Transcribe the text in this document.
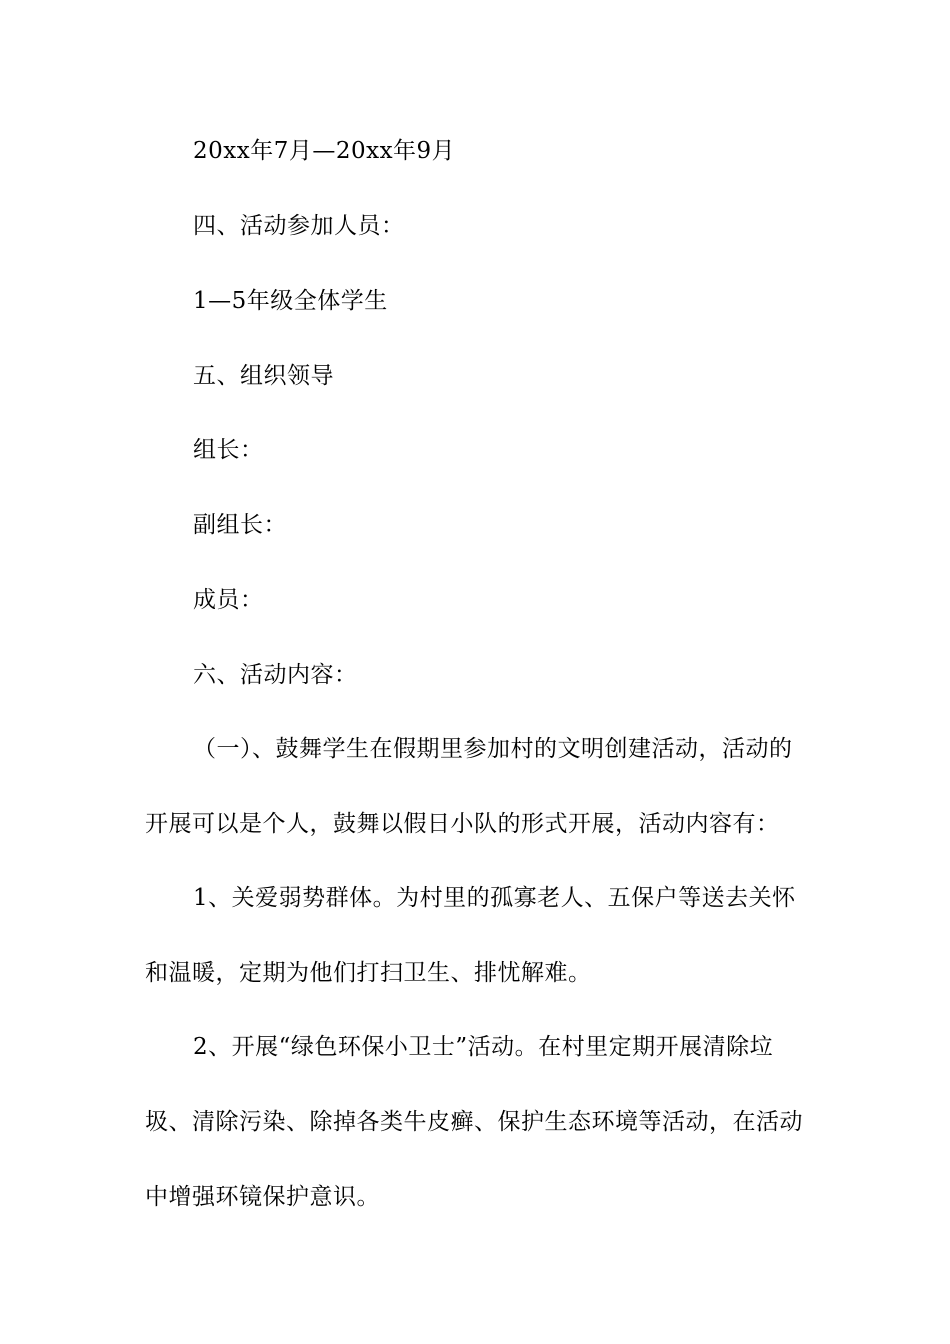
20xx年7月—20xx年9月

四、活动参加人员：

1—5年级全体学生

五、组织领导

组长：

副组长：

成员：

六、活动内容：

（一）、鼓舞学生在假期里参加村的文明创建活动，活动的开展可以是个人，鼓舞以假日小队的形式开展，活动内容有：

1、关爱弱势群体。为村里的孤寡老人、五保户等送去关怀和温暖，定期为他们打扫卫生、排忧解难。

2、开展“绿色环保小卫士”活动。在村里定期开展清除垃圾、清除污染、除掉各类牛皮癣、保护生态环境等活动，在活动中增强环镜保护意识。
